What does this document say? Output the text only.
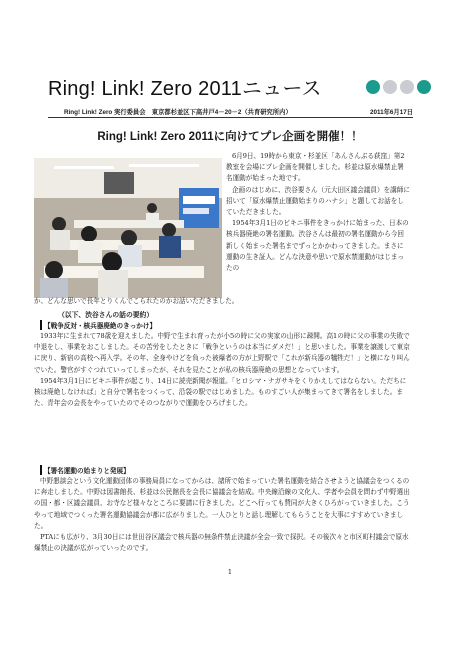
Ring! Link! Zero 2011ニュース
Ring! Link! Zero 実行委員会　東京都杉並区下高井戸4－20－2（共育研究所内）	2011年6月17日
Ring! Link! Zero 2011に向けてプレ企画を開催！！

6月9日、19時から東京・杉並区「あんさんぶる荻窪」第2教室を会場にプレ企画を開催しました。杉並は原水爆禁止署名運動が始まった地です。

企画のはじめに、渋谷要さん（元大田区議会議員）を講師に招いて「原水爆禁止運動始まりのハナシ」と題してお話をしていただきました。

1954年3月1日のビキニ事件をきっかけに始まった、日本の核兵器廃絶の署名運動。渋谷さんは最初の署名運動から今回新しく始まった署名までずっとかかわってきました。まさに運動の生き証人。どんな決意や思いで原水禁運動がはじまったの

か、どんな思いで長年とりくんでこられたのかお話いただきました。
（以下、渋谷さんの話の要約）
【戦争反対・核兵器廃絶のきっかけ】

1933年に生まれて78歳を迎えました。中野で生まれ育ったが小5の時に父の実家の山形に疎開。高1の時に父の事業の失敗で中退をし、事業をおこしました。その苦労をしたときに「戦争というのは本当にダメだ！」と思いました。事業を譲渡して東京に戻り、新宿の高校へ再入学。その年、全身やけどを負った被爆者の方が上野駅で「これが新兵器の犠牲だ！」と横になり叫んでいた。警官がすぐつれていってしまったが、それを見たことが私の核兵器廃絶の思想となっています。

1954年3月1日にビキニ事件が起こり、14日に読売新聞が報道。「ヒロシマ・ナガサキをくりかえしてはならない。ただちに核は廃絶しなければ」と自分で署名をつくって、沿袋の駅ではじめました。ものすごい人が集まってきて署名をしました。また、青年会の会長をやっていたのでそのつながりで運動をひろげました。

【署名運動の始まりと発展】

中野懇談会という文化運動団体の事務局員になってからは、諸所で始まっていた署名運動を結合させようと協議会をつくるのに奔走しました。中野は図書館長、杉並は公民館長を会長に協議会を結成。中央線沿線の文化人、学者や会員を問わず中野選出の国・都・区議会議員、お寺など様々なところに要請に行きました。どこへ行っても賛同が大きくひろがっていきました。こうやって地域でつくった署名運動協議会が都に広がりました。一人ひとりと話し理解してもらうことを大事にすすめていきました。

PTAにも広がり、3月30日には世田谷区議会で核兵器の無条件禁止決議が全会一致で採択。その後次々と市区町村議会で原水爆禁止の決議が広がっていったのです。

1
